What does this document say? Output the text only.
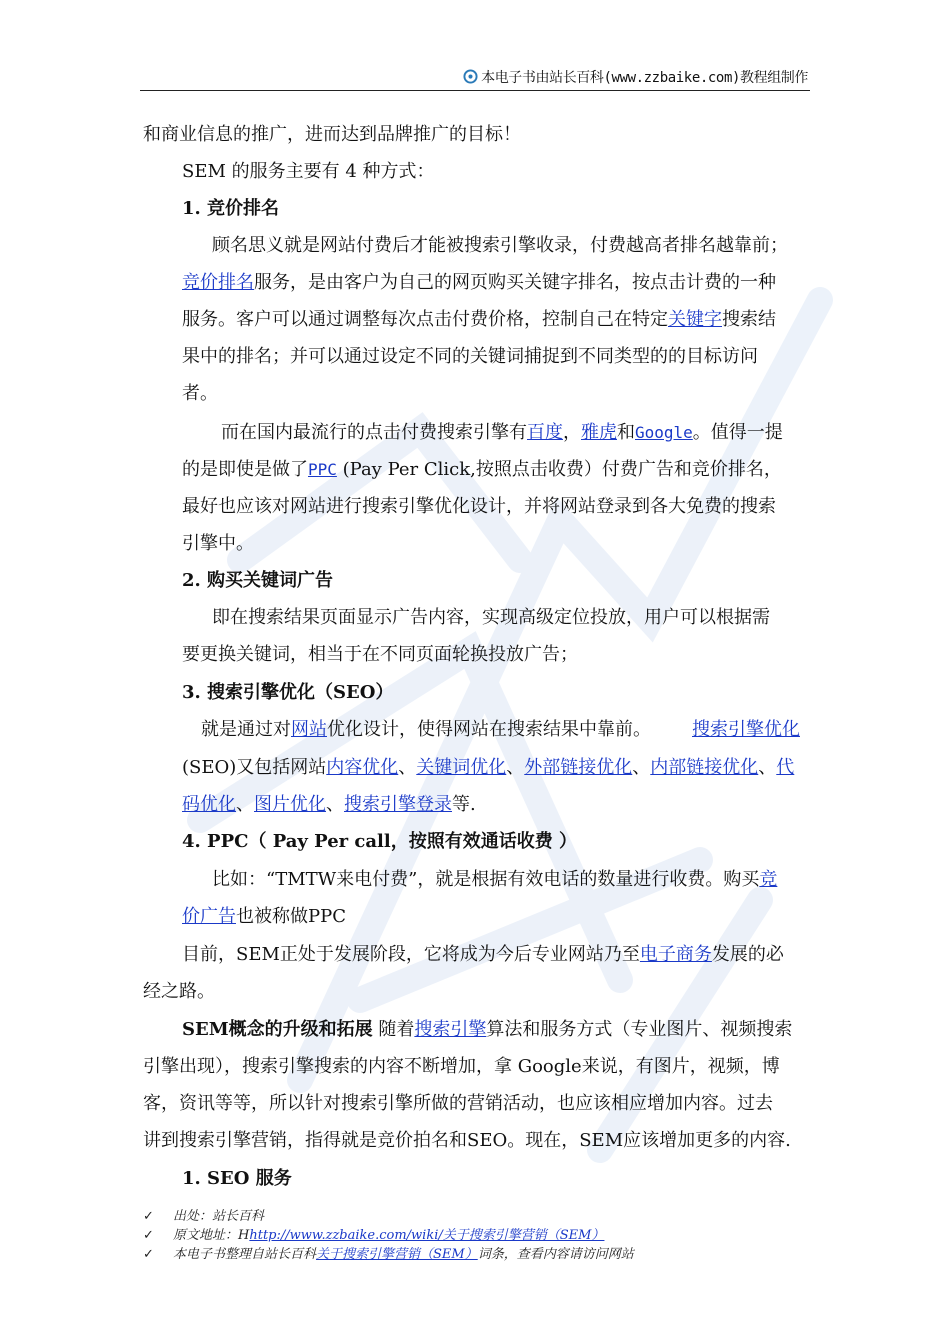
本电子书由站长百科(www.zzbaike.com)教程组制作
和商业信息的推广，进而达到品牌推广的目标！
SEM 的服务主要有 4 种方式：
1. 竞价排名
顾名思义就是网站付费后才能被搜索引擎收录，付费越高者排名越靠前；
竞价排名服务，是由客户为自己的网页购买关键字排名，按点击计费的一种
服务。客户可以通过调整每次点击付费价格，控制自己在特定关键字搜索结
果中的排名；并可以通过设定不同的关键词捕捉到不同类型的的目标访问
者。
而在国内最流行的点击付费搜索引擎有百度，雅虎和Google。值得一提
的是即使是做了PPC (Pay Per Click,按照点击收费）付费广告和竞价排名，
最好也应该对网站进行搜索引擎优化设计，并将网站登录到各大免费的搜索
引擎中。
2. 购买关键词广告
即在搜索结果页面显示广告内容，实现高级定位投放，用户可以根据需
要更换关键词，相当于在不同页面轮换投放广告；
3. 搜索引擎优化（SEO）
就是通过对网站优化设计，使得网站在搜索结果中靠前。 搜索引擎优化
(SEO)又包括网站内容优化、关键词优化、外部链接优化、内部链接优化、代
码优化、图片优化、搜索引擎登录等.
4. PPC（ Pay Per call，按照有效通话收费 ）
比如：“TMTW来电付费”，就是根据有效电话的数量进行收费。购买竞
价广告也被称做PPC
目前，SEM正处于发展阶段，它将成为今后专业网站乃至电子商务发展的必
经之路。
SEM概念的升级和拓展 随着搜索引擎算法和服务方式（专业图片、视频搜索
引擎出现），搜索引擎搜索的内容不断增加，拿 Google来说，有图片，视频，博
客，资讯等等，所以针对搜索引擎所做的营销活动，也应该相应增加内容。过去
讲到搜索引擎营销，指得就是竞价拍名和SEO。现在，SEM应该增加更多的内容.
1. SEO 服务
✓ 出处：站长百科
✓ 原文地址：Hhttp://www.zzbaike.com/wiki/关于搜索引擎营销（SEM）
✓ 本电子书整理自站长百科关于搜索引擎营销（SEM）词条，查看内容请访问网站
